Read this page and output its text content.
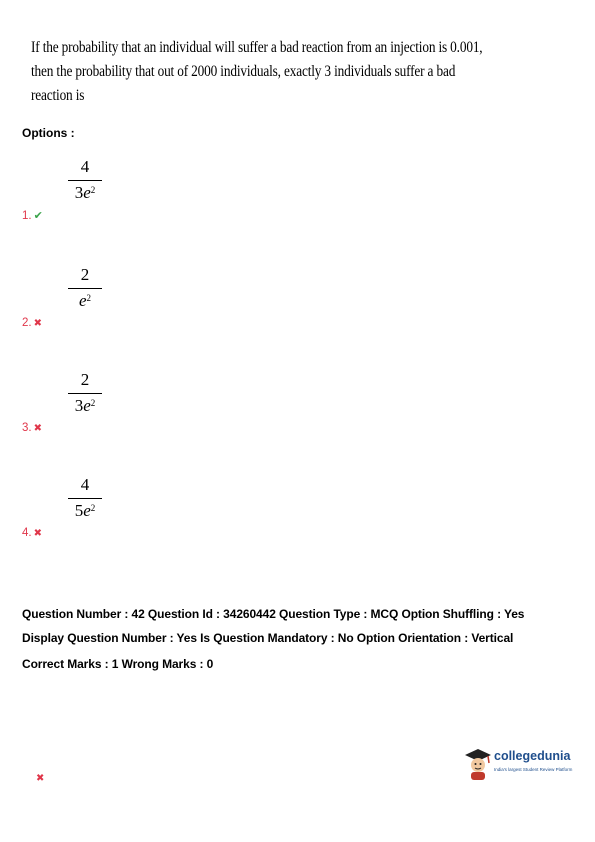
If the probability that an individual will suffer a bad reaction from an injection is 0.001,
then the probability that out of 2000 individuals, exactly 3 individuals suffer a bad
reaction is
Options :
4
$3e^2$
1. ✔
2
$e^2$
2. ✖
2
$3e^2$
3. ✖
4
$5e^2$
4. ✖
Question Number : 42 Question Id : 34260442 Question Type : MCQ Option Shuffling : Yes
Display Question Number : Yes Is Question Mandatory : No Option Orientation : Vertical
Correct Marks : 1 Wrong Marks : 0
✖
collegedunia
India's largest Student Review Platform
